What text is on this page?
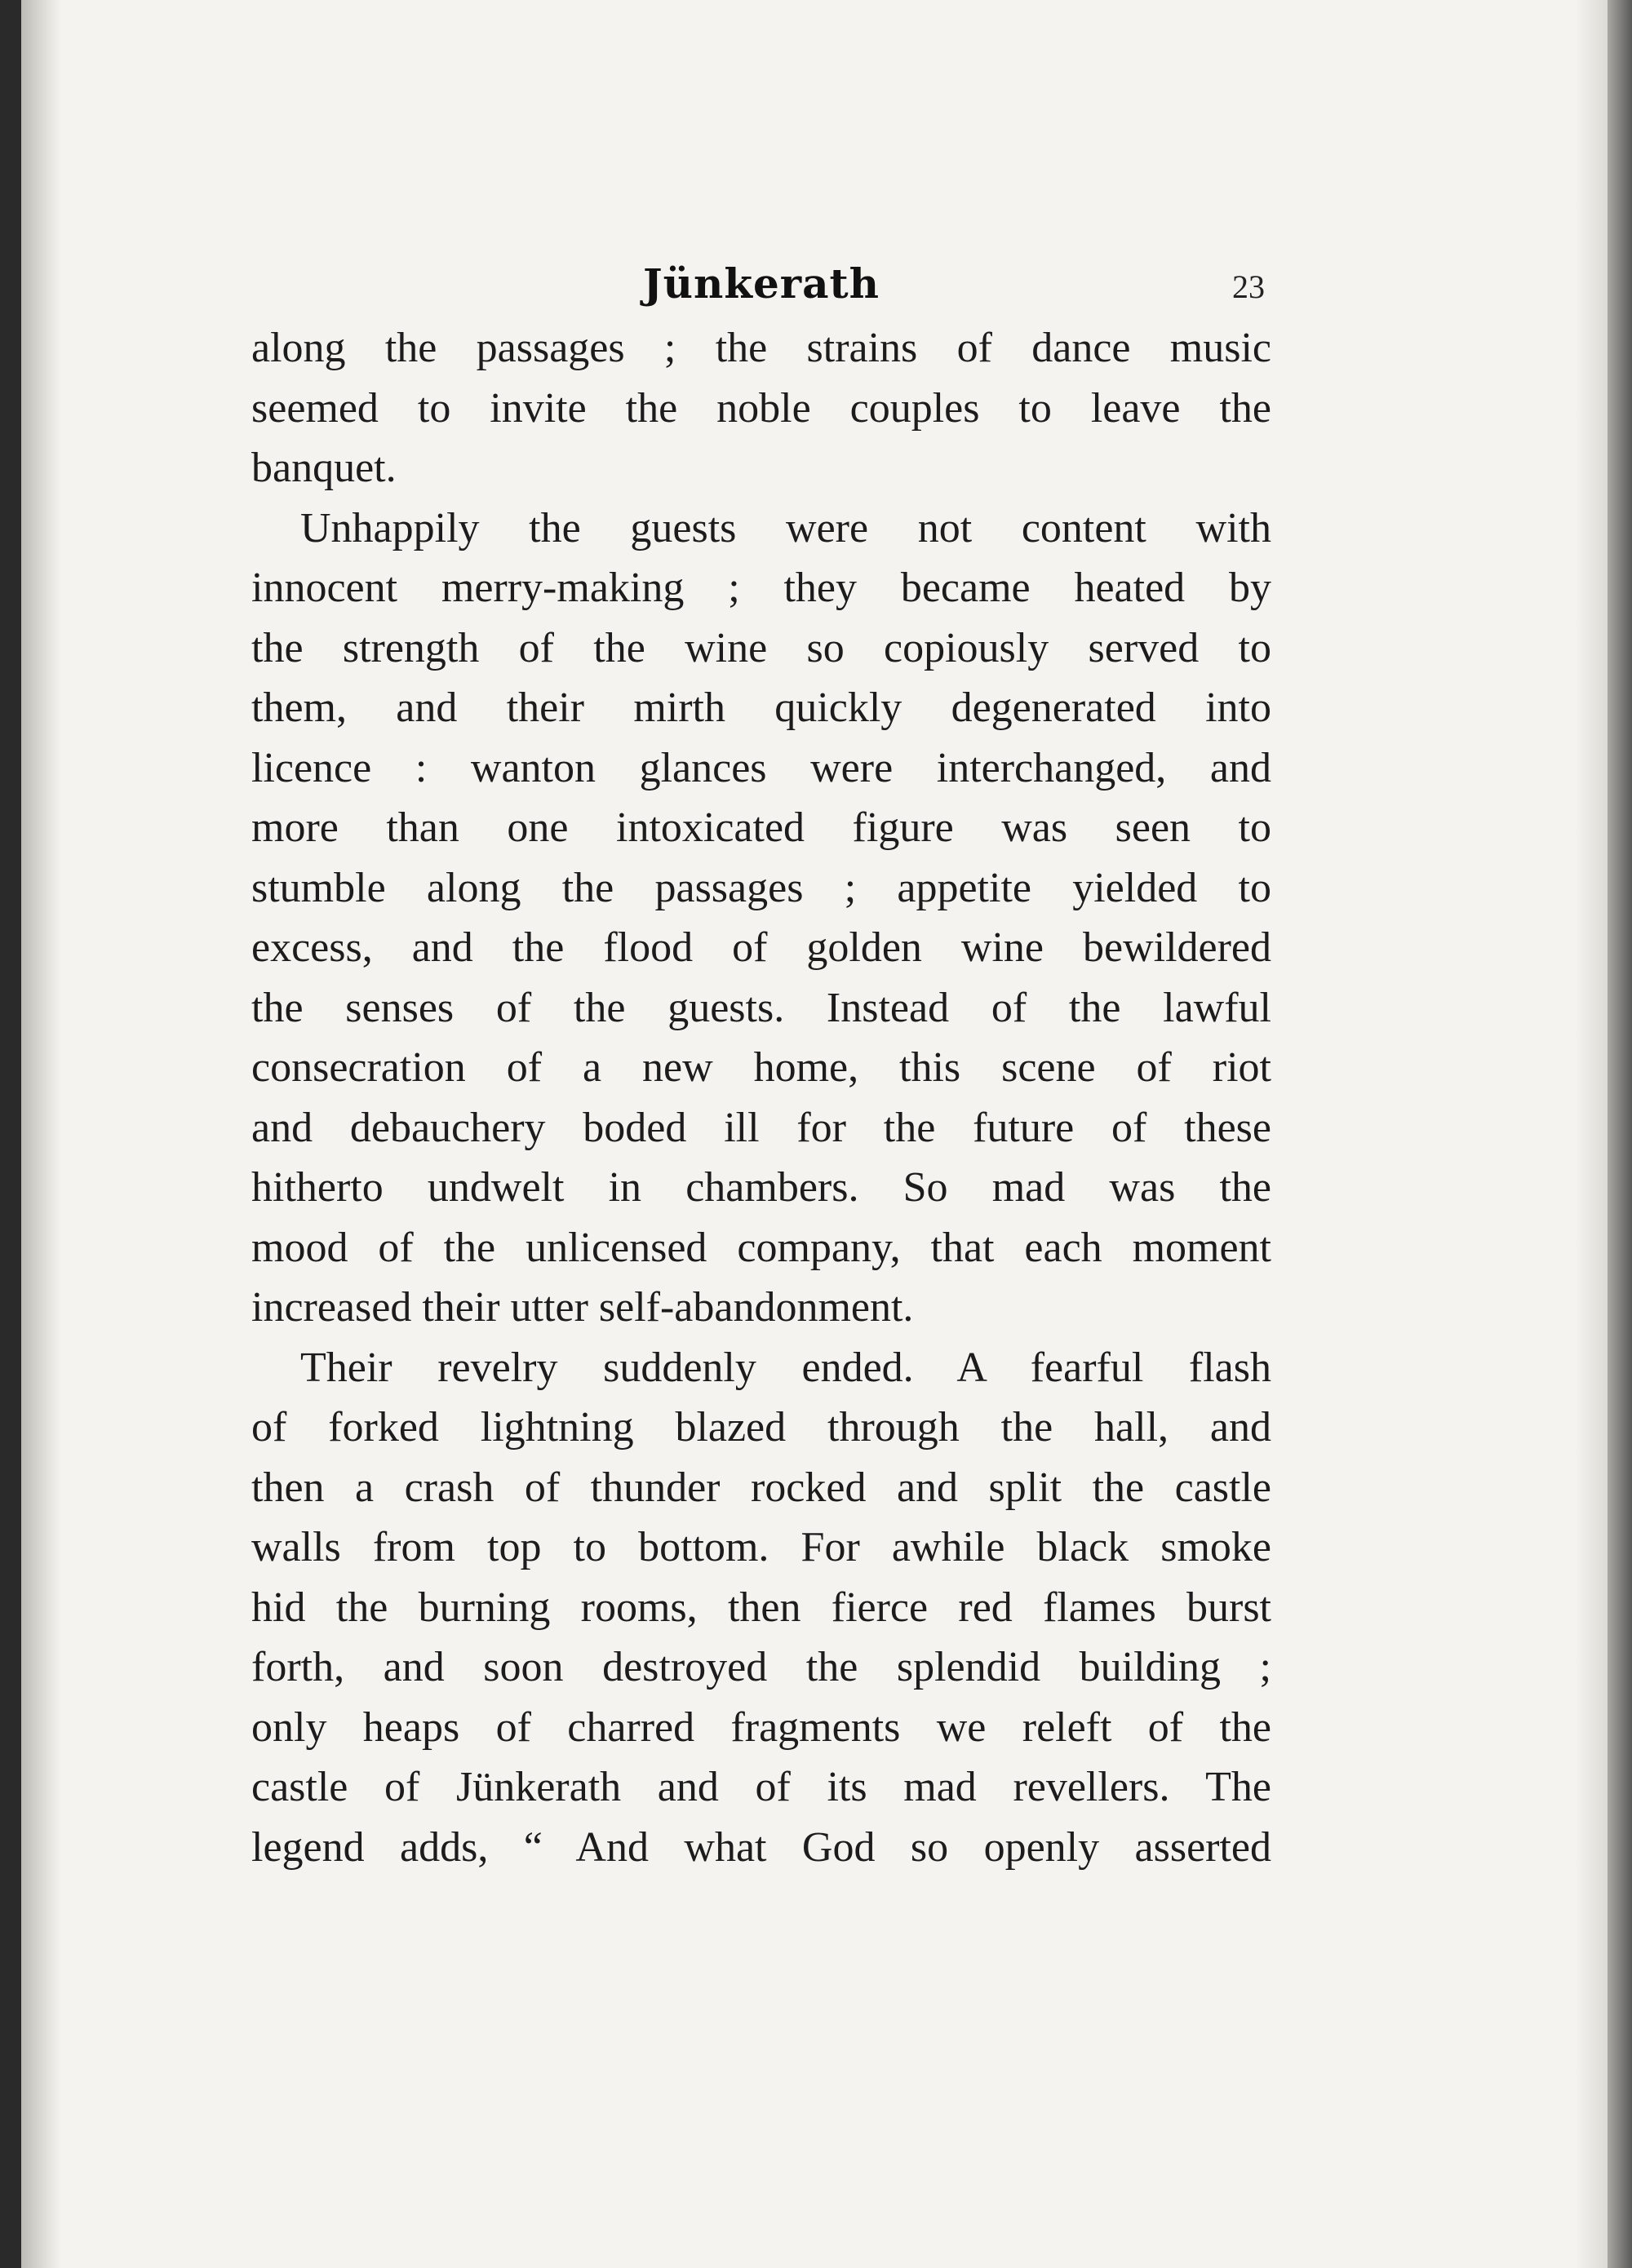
Jünkerath	23
along the passages ; the strains of dance music
seemed to invite the noble couples to leave the
banquet.
Unhappily the guests were not content with
innocent merry-making ; they became heated by
the strength of the wine so copiously served to
them, and their mirth quickly degenerated into
licence : wanton glances were interchanged, and
more than one intoxicated figure was seen to
stumble along the passages ; appetite yielded to
excess, and the flood of golden wine bewildered
the senses of the guests. Instead of the lawful
consecration of a new home, this scene of riot
and debauchery boded ill for the future of these
hitherto undwelt in chambers. So mad was the
mood of the unlicensed company, that each moment
increased their utter self-abandonment.
Their revelry suddenly ended. A fearful flash
of forked lightning blazed through the hall, and
then a crash of thunder rocked and split the castle
walls from top to bottom. For awhile black smoke
hid the burning rooms, then fierce red flames burst
forth, and soon destroyed the splendid building ;
only heaps of charred fragments we releft of the
castle of Jünkerath and of its mad revellers. The
legend adds, “ And what God so openly asserted
